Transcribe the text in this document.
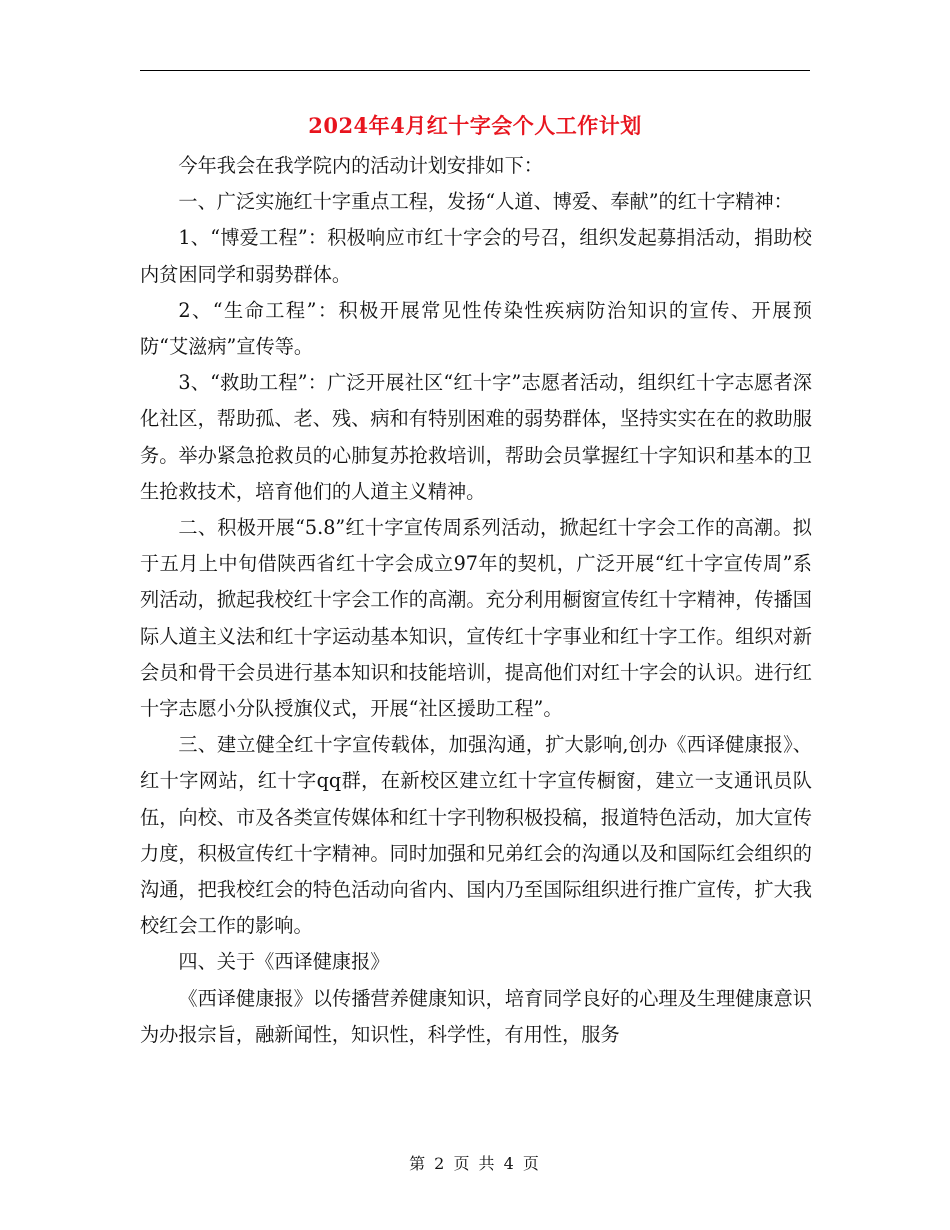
2024年4月红十字会个人工作计划

今年我会在我学院内的活动计划安排如下：

一、广泛实施红十字重点工程，发扬“人道、博爱、奉献”的红十字精神：

1、“博爱工程”：积极响应市红十字会的号召，组织发起募捐活动，捐助校内贫困同学和弱势群体。

2、“生命工程”：积极开展常见性传染性疾病防治知识的宣传、开展预防“艾滋病”宣传等。

3、“救助工程”：广泛开展社区“红十字”志愿者活动，组织红十字志愿者深化社区，帮助孤、老、残、病和有特别困难的弱势群体，坚持实实在在的救助服务。举办紧急抢救员的心肺复苏抢救培训，帮助会员掌握红十字知识和基本的卫生抢救技术，培育他们的人道主义精神。

二、积极开展“5.8”红十字宣传周系列活动，掀起红十字会工作的高潮。拟于五月上中旬借陕西省红十字会成立97年的契机，广泛开展“红十字宣传周”系列活动，掀起我校红十字会工作的高潮。充分利用橱窗宣传红十字精神，传播国际人道主义法和红十字运动基本知识，宣传红十字事业和红十字工作。组织对新会员和骨干会员进行基本知识和技能培训，提高他们对红十字会的认识。进行红十字志愿小分队授旗仪式，开展“社区援助工程”。

三、建立健全红十字宣传载体，加强沟通，扩大影响,创办《西译健康报》、红十字网站，红十字qq群，在新校区建立红十字宣传橱窗，建立一支通讯员队伍，向校、市及各类宣传媒体和红十字刊物积极投稿，报道特色活动，加大宣传力度，积极宣传红十字精神。同时加强和兄弟红会的沟通以及和国际红会组织的沟通，把我校红会的特色活动向省内、国内乃至国际组织进行推广宣传，扩大我校红会工作的影响。

四、关于《西译健康报》

《西译健康报》以传播营养健康知识，培育同学良好的心理及生理健康意识为办报宗旨，融新闻性，知识性，科学性，有用性，服务

第 2 页 共 4 页
